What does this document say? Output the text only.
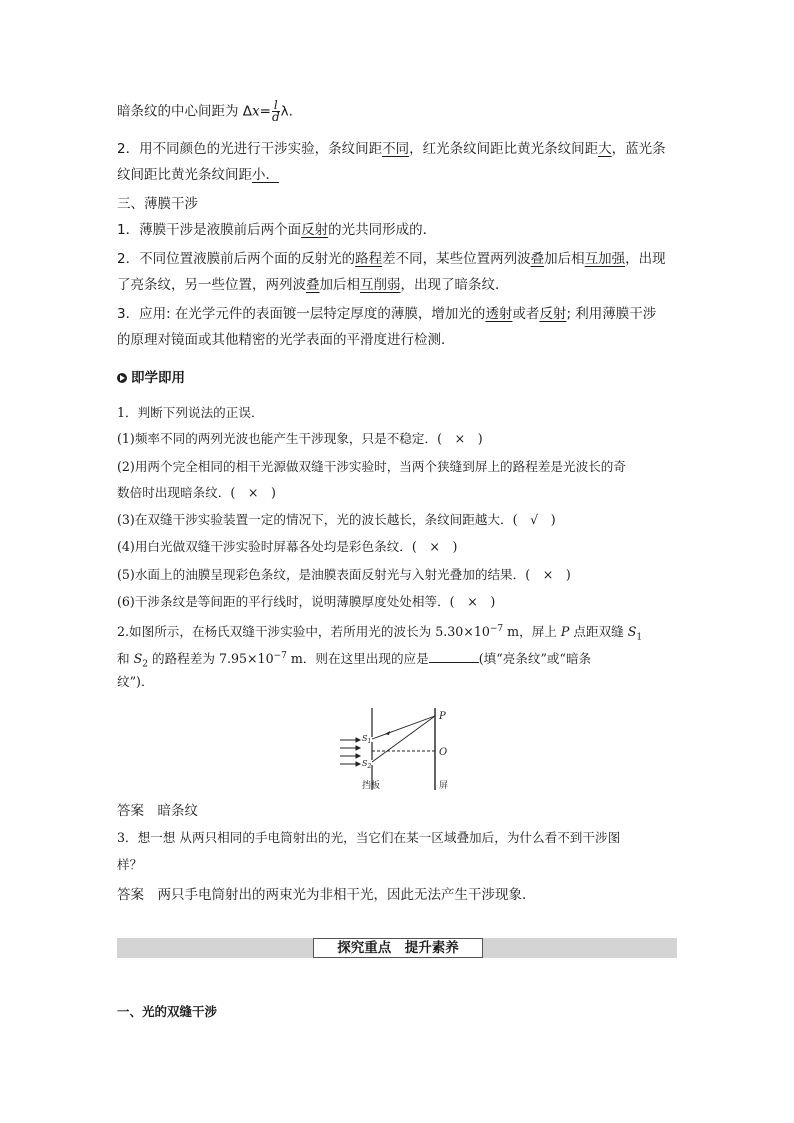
暗条纹的中心间距为 $\Delta x= \frac{l}{d} \lambda$.
2．用不同颜色的光进行干涉实验，条纹间距不同，红光条纹间距比黄光条纹间距大，蓝光条
纹间距比黄光条纹间距小．
三、薄膜干涉
1．薄膜干涉是液膜前后两个面反射的光共同形成的．
2．不同位置液膜前后两个面的反射光的路程差不同，某些位置两列波叠加后相互加强，出现
了亮条纹，另一些位置，两列波叠加后相互削弱，出现了暗条纹．
3．应用: 在光学元件的表面镀一层特定厚度的薄膜，增加光的透射或者反射; 利用薄膜干涉
的原理对镜面或其他精密的光学表面的平滑度进行检测．
即学即用
1．判断下列说法的正误．
(1)频率不同的两列光波也能产生干涉现象，只是不稳定．(　×　)
(2)用两个完全相同的相干光源做双缝干涉实验时，当两个狭缝到屏上的路程差是光波长的奇
数倍时出现暗条纹．(　×　)
(3)在双缝干涉实验装置一定的情况下，光的波长越长，条纹间距越大．(　√　)
(4)用白光做双缝干涉实验时屏幕各处均是彩色条纹．(　×　)
(5)水面上的油膜呈现彩色条纹，是油膜表面反射光与入射光叠加的结果．(　×　)
(6)干涉条纹是等间距的平行线时，说明薄膜厚度处处相等．(　×　)
2.如图所示，在杨氏双缝干涉实验中，若所用光的波长为 $5.30\times 10^{-7}$ m，屏上 P 点距双缝 $S_1$
和 $S_2$ 的路程差为 $7.95\times 10^{-7}$ m．则在这里出现的应是	(填“亮条纹”或“暗条
纹”)．
答案　 暗条纹
3．想一想 从两只相同的手电筒射出的光，当它们在某一区域叠加后，为什么看不到干涉图
样？
答案　 两只手电筒射出的两束光为非相干光，因此无法产生干涉现象．
一、光的双缝干涉
P
O
$S_1$
$S_2$
挡板	屏
探究重点　提升素养
